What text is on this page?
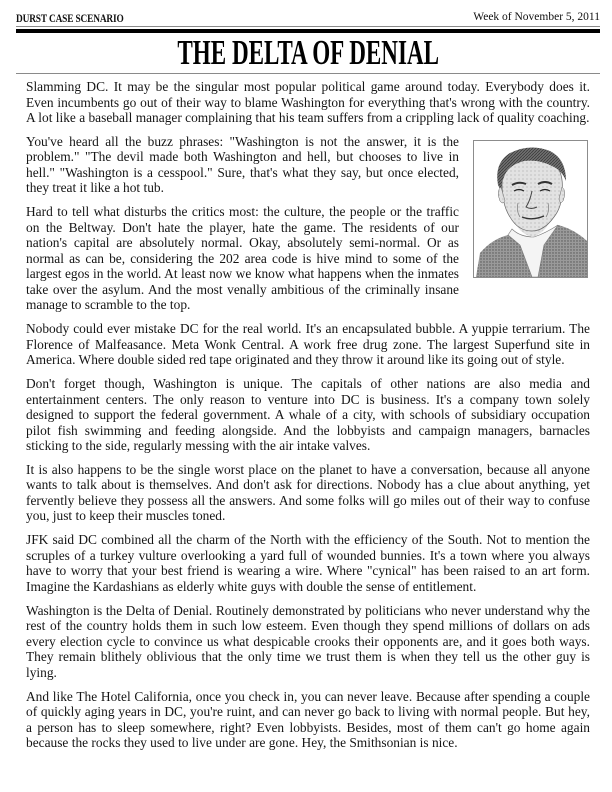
DURST CASE SCENARIO	Week of November 5, 2011
THE DELTA OF DENIAL

Slamming DC. It may be the singular most popular political game around today. Everybody does it. Even incumbents go out of their way to blame Washington for everything that's wrong with the country. A lot like a baseball manager complaining that his team suffers from a crippling lack of quality coaching.

You've heard all the buzz phrases: "Washington is not the answer, it is the problem." "The devil made both Washington and hell, but chooses to live in hell." "Washington is a cesspool." Sure, that's what they say, but once elected, they treat it like a hot tub.

Hard to tell what disturbs the critics most: the culture, the people or the traffic on the Beltway. Don't hate the player, hate the game. The residents of our nation's capital are absolutely normal. Okay, absolutely semi-normal. Or as normal as can be, considering the 202 area code is hive mind to some of the largest egos in the world. At least now we know what happens when the inmates take over the asylum. And the most venally ambitious of the criminally insane manage to scramble to the top.

Nobody could ever mistake DC for the real world. It's an encapsulated bubble. A yuppie terrarium. The Florence of Malfeasance. Meta Wonk Central. A work free drug zone. The largest Superfund site in America. Where double sided red tape originated and they throw it around like its going out of style.

Don't forget though, Washington is unique. The capitals of other nations are also media and entertainment centers. The only reason to venture into DC is business. It's a company town solely designed to support the federal government. A whale of a city, with schools of subsidiary occupation pilot fish swimming and feeding alongside. And the lobbyists and campaign managers, barnacles sticking to the side, regularly messing with the air intake valves.

It is also happens to be the single worst place on the planet to have a conversation, because all anyone wants to talk about is themselves. And don't ask for directions. Nobody has a clue about anything, yet fervently believe they possess all the answers. And some folks will go miles out of their way to confuse you, just to keep their muscles toned.

JFK said DC combined all the charm of the North with the efficiency of the South. Not to mention the scruples of a turkey vulture overlooking a yard full of wounded bunnies. It's a town where you always have to worry that your best friend is wearing a wire. Where "cynical" has been raised to an art form. Imagine the Kardashians as elderly white guys with double the sense of entitlement.

Washington is the Delta of Denial. Routinely demonstrated by politicians who never understand why the rest of the country holds them in such low esteem. Even though they spend millions of dollars on ads every election cycle to convince us what despicable crooks their opponents are, and it goes both ways. They remain blithely oblivious that the only time we trust them is when they tell us the other guy is lying.

And like The Hotel California, once you check in, you can never leave. Because after spending a couple of quickly aging years in DC, you're ruint, and can never go back to living with normal people. But hey, a person has to sleep somewhere, right? Even lobbyists. Besides, most of them can't go home again because the rocks they used to live under are gone. Hey, the Smithsonian is nice.
